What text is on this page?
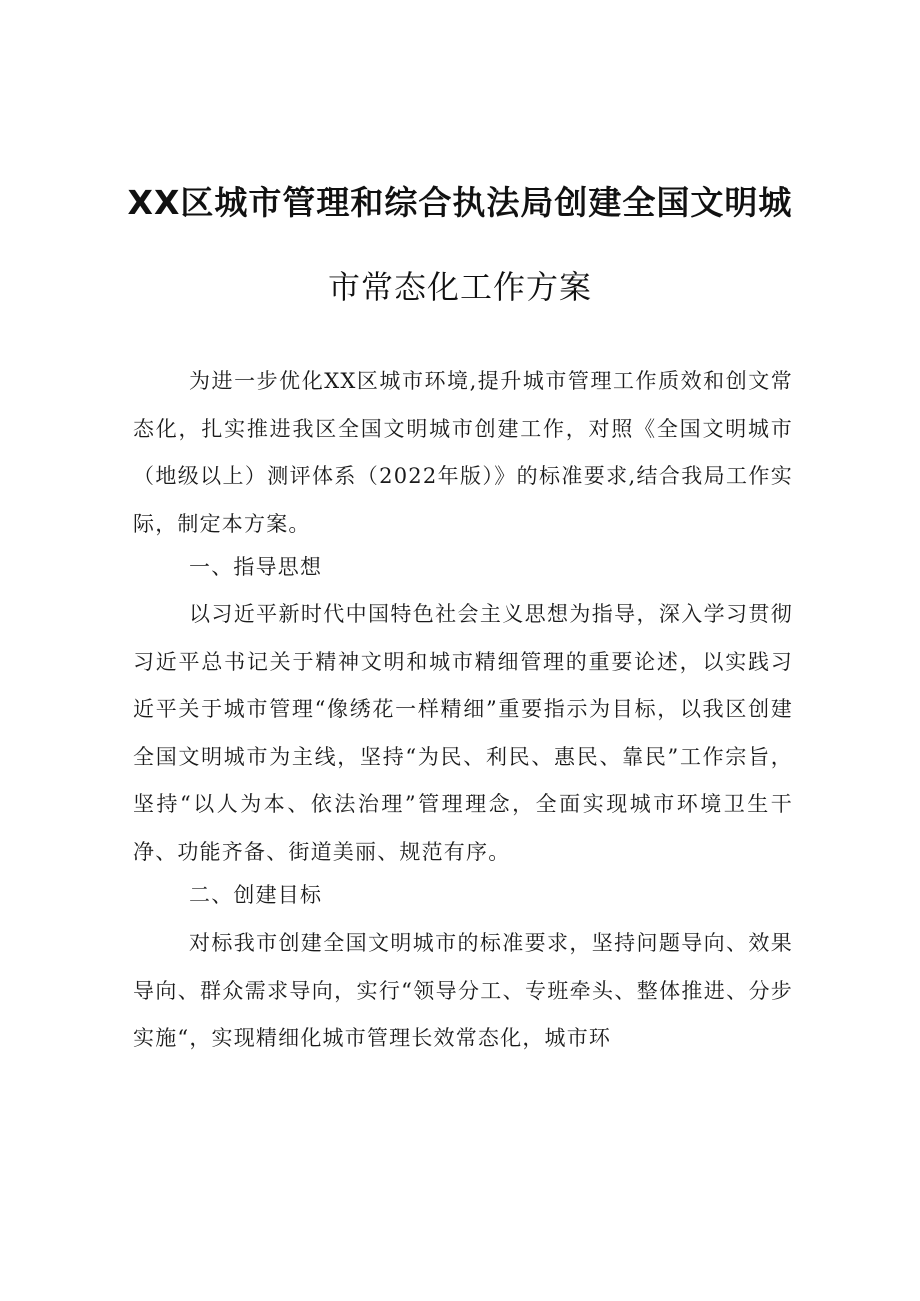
XX区城市管理和综合执法局创建全国文明城
市常态化工作方案

为进一步优化XX区城市环境,提升城市管理工作质效和创文常态化，扎实推进我区全国文明城市创建工作，对照《全国文明城市（地级以上）测评体系（2022年版）》的标准要求,结合我局工作实际，制定本方案。

一、指导思想

以习近平新时代中国特色社会主义思想为指导，深入学习贯彻习近平总书记关于精神文明和城市精细管理的重要论述，以实践习近平关于城市管理“像绣花一样精细”重要指示为目标，以我区创建全国文明城市为主线，坚持“为民、利民、惠民、靠民”工作宗旨，坚持“以人为本、依法治理”管理理念，全面实现城市环境卫生干净、功能齐备、街道美丽、规范有序。

二、创建目标

对标我市创建全国文明城市的标准要求，坚持问题导向、效果导向、群众需求导向，实行“领导分工、专班牵头、整体推进、分步实施“，实现精细化城市管理长效常态化，城市环
